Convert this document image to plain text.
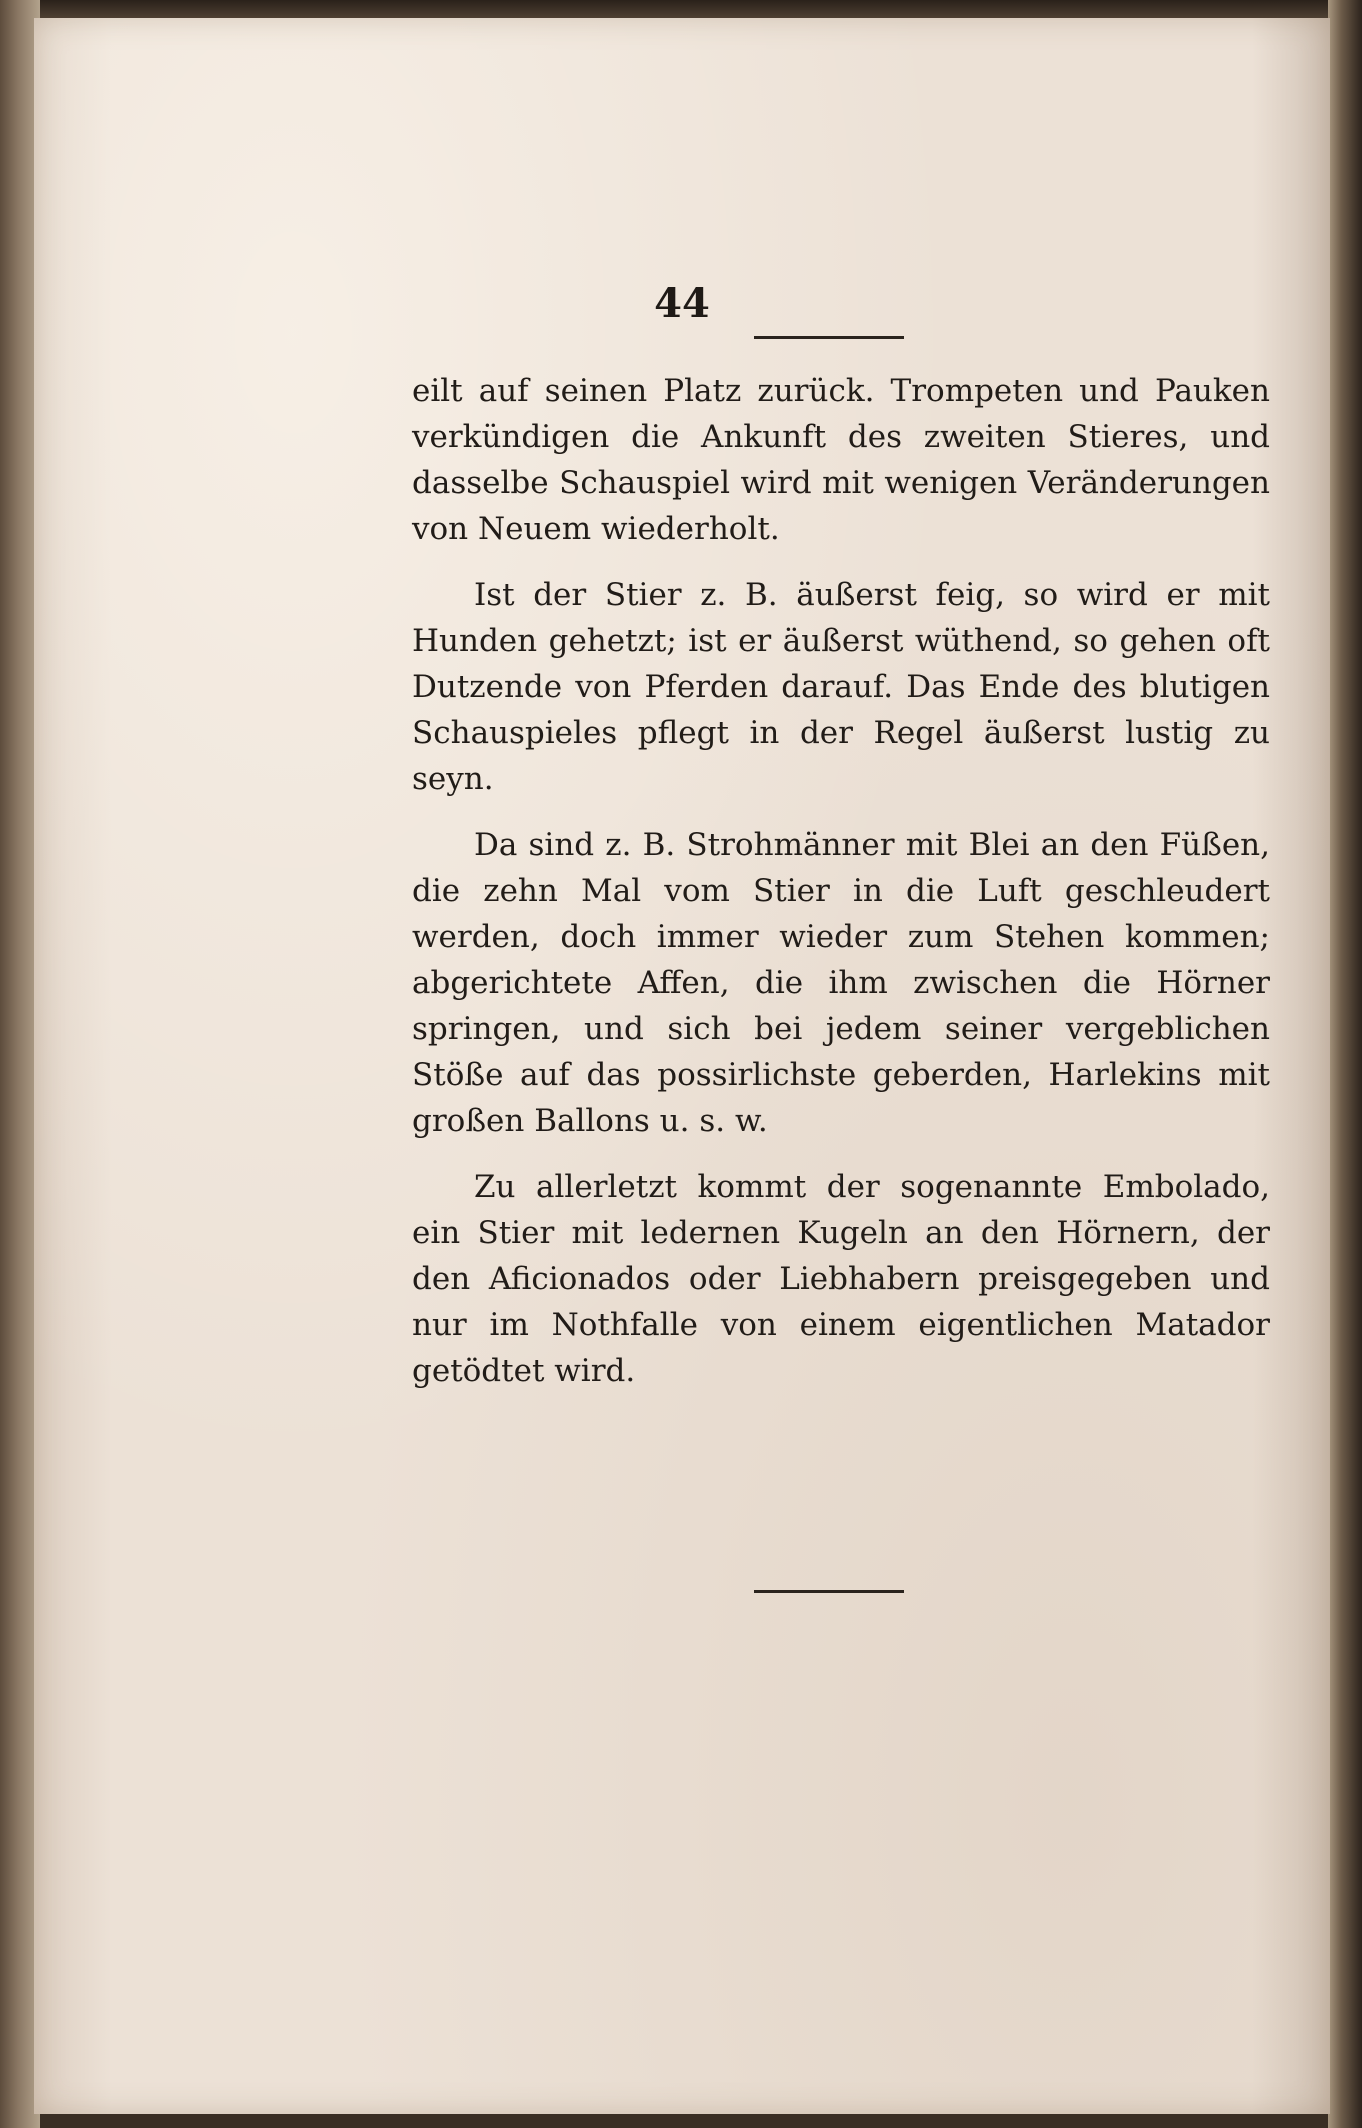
44

eilt auf seinen Platz zurück. Trompeten und Pauken verkündigen die Ankunft des zweiten Stieres, und dasselbe Schauspiel wird mit wenigen Veränderungen von Neuem wiederholt.

Ist der Stier z. B. äußerst feig, so wird er mit Hunden gehetzt; ist er äußerst wüthend, so gehen oft Dutzende von Pferden darauf. Das Ende des blutigen Schauspieles pflegt in der Regel äußerst lustig zu seyn.

Da sind z. B. Strohmänner mit Blei an den Füßen, die zehn Mal vom Stier in die Luft geschleudert werden, doch immer wieder zum Stehen kommen; abgerichtete Affen, die ihm zwischen die Hörner springen, und sich bei jedem seiner vergeblichen Stöße auf das possirlichste geberden, Harlekins mit großen Ballons u. s. w.

Zu allerletzt kommt der sogenannte Embolado, ein Stier mit ledernen Kugeln an den Hörnern, der den Aficionados oder Liebhabern preisgegeben und nur im Nothfalle von einem eigentlichen Matador getödtet wird.
